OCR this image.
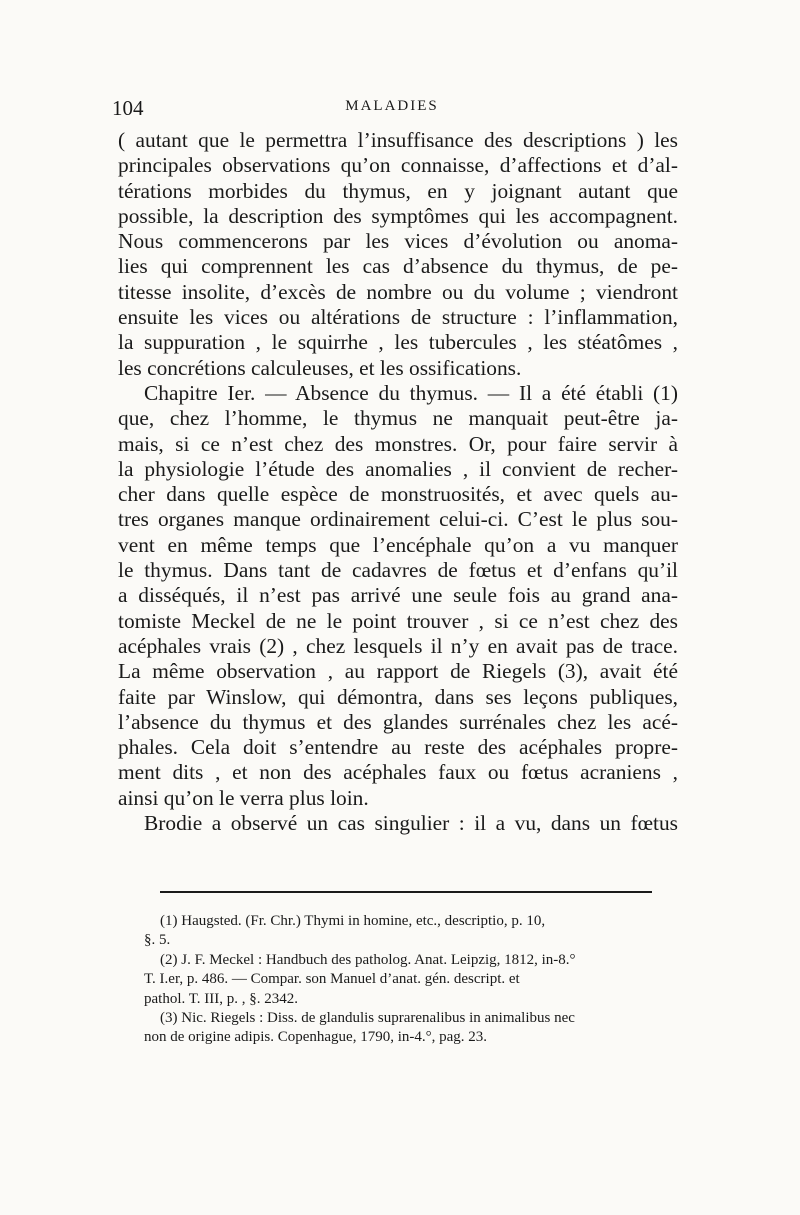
104	MALADIES
( autant que le permettra l’insuffisance des descriptions ) les
principales observations qu’on connaisse, d’affections et d’al-
térations morbides du thymus, en y joignant autant que
possible, la description des symptômes qui les accompagnent.
Nous commencerons par les vices d’évolution ou anoma-
lies qui comprennent les cas d’absence du thymus, de pe-
titesse insolite, d’excès de nombre ou du volume ; viendront
ensuite les vices ou altérations de structure : l’inflammation,
la suppuration , le squirrhe , les tubercules , les stéatômes ,
les concrétions calculeuses, et les ossifications.
Chapitre Ier. — Absence du thymus. — Il a été établi (1)
que, chez l’homme, le thymus ne manquait peut-être ja-
mais, si ce n’est chez des monstres. Or, pour faire servir à
la physiologie l’étude des anomalies , il convient de recher-
cher dans quelle espèce de monstruosités, et avec quels au-
tres organes manque ordinairement celui-ci. C’est le plus sou-
vent en même temps que l’encéphale qu’on a vu manquer
le thymus. Dans tant de cadavres de fœtus et d’enfans qu’il
a disséqués, il n’est pas arrivé une seule fois au grand ana-
tomiste Meckel de ne le point trouver , si ce n’est chez des
acéphales vrais (2) , chez lesquels il n’y en avait pas de trace.
La même observation , au rapport de Riegels (3), avait été
faite par Winslow, qui démontra, dans ses leçons publiques,
l’absence du thymus et des glandes surrénales chez les acé-
phales. Cela doit s’entendre au reste des acéphales propre-
ment dits , et non des acéphales faux ou fœtus acraniens ,
ainsi qu’on le verra plus loin.
Brodie a observé un cas singulier : il a vu, dans un fœtus
(1) Haugsted. (Fr. Chr.) Thymi in homine, etc., descriptio, p. 10,
§. 5.
(2) J. F. Meckel : Handbuch des patholog. Anat. Leipzig, 1812, in-8.°
T. I.er, p. 486. — Compar. son Manuel d’anat. gén. descript. et
pathol. T. III, p. , §. 2342.
(3) Nic. Riegels : Diss. de glandulis suprarenalibus in animalibus nec
non de origine adipis. Copenhague, 1790, in-4.°, pag. 23.
